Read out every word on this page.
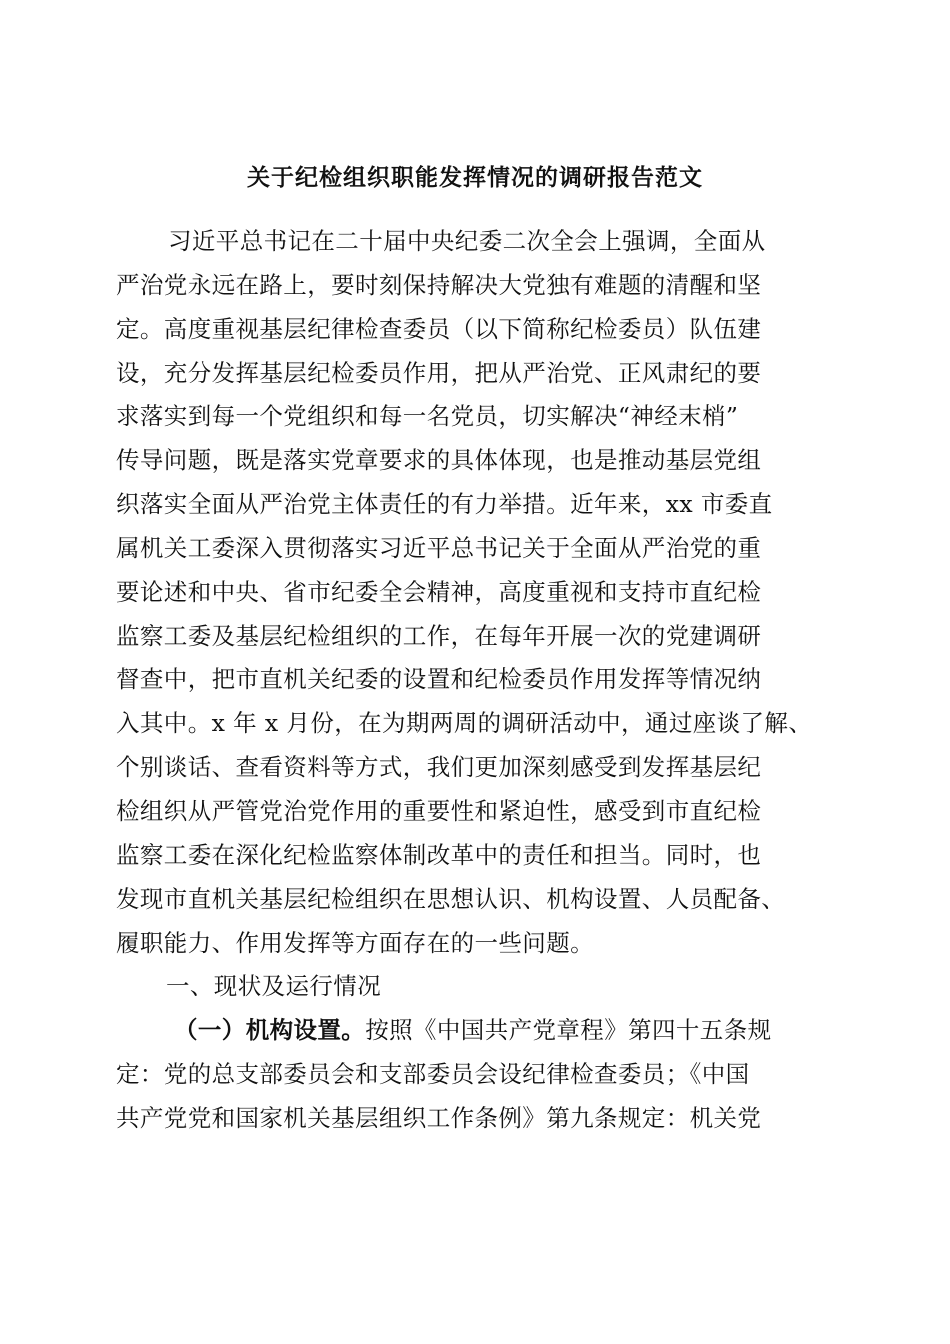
关于纪检组织职能发挥情况的调研报告范文
习近平总书记在二十届中央纪委二次全会上强调，全面从
严治党永远在路上，要时刻保持解决大党独有难题的清醒和坚
定。高度重视基层纪律检查委员（以下简称纪检委员）队伍建
设，充分发挥基层纪检委员作用，把从严治党、正风肃纪的要
求落实到每一个党组织和每一名党员，切实解决“神经末梢”
传导问题，既是落实党章要求的具体体现，也是推动基层党组
织落实全面从严治党主体责任的有力举措。近年来，xx 市委直
属机关工委深入贯彻落实习近平总书记关于全面从严治党的重
要论述和中央、省市纪委全会精神，高度重视和支持市直纪检
监察工委及基层纪检组织的工作，在每年开展一次的党建调研
督查中，把市直机关纪委的设置和纪检委员作用发挥等情况纳
入其中。x 年 x 月份，在为期两周的调研活动中，通过座谈了解、
个别谈话、查看资料等方式，我们更加深刻感受到发挥基层纪
检组织从严管党治党作用的重要性和紧迫性，感受到市直纪检
监察工委在深化纪检监察体制改革中的责任和担当。同时，也
发现市直机关基层纪检组织在思想认识、机构设置、人员配备、
履职能力、作用发挥等方面存在的一些问题。
一、现状及运行情况
（一）机构设置。按照《中国共产党章程》第四十五条规
定：党的总支部委员会和支部委员会设纪律检查委员；《中国
共产党党和国家机关基层组织工作条例》第九条规定：机关党
